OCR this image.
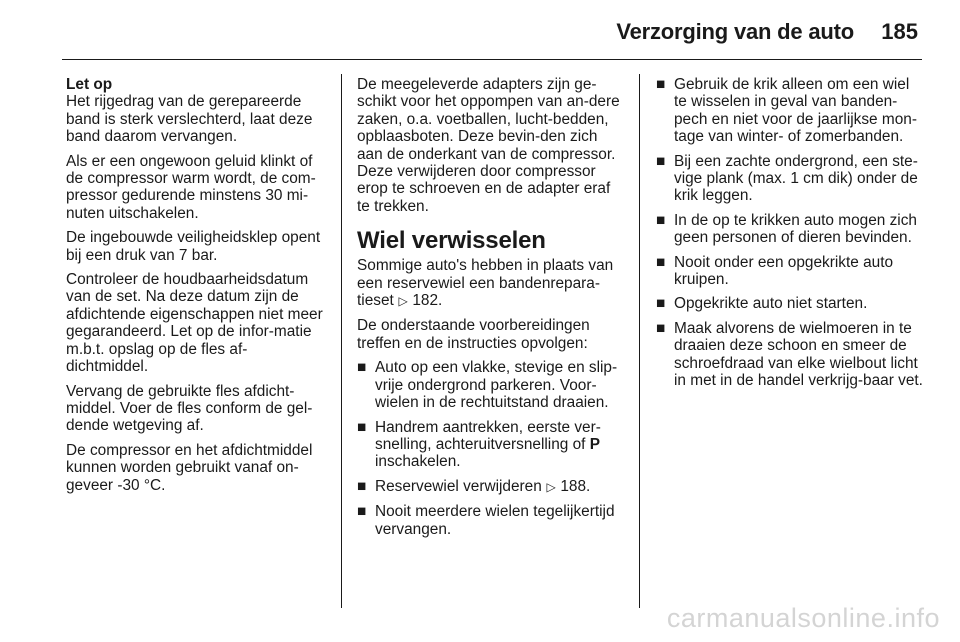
Verzorging van de auto 185
Let op
Het rijgedrag van de gerepareerde band is sterk verslechterd, laat deze band daarom vervangen.

Als er een ongewoon geluid klinkt of de compressor warm wordt, de com-pressor gedurende minstens 30 mi-nuten uitschakelen.

De ingebouwde veiligheidsklep opent bij een druk van 7 bar.

Controleer de houdbaarheidsdatum van de set. Na deze datum zijn de afdichtende eigenschappen niet meer gegarandeerd. Let op de infor-matie m.b.t. opslag op de fles af-dichtmiddel.

Vervang de gebruikte fles afdicht-middel. Voer de fles conform de gel-dende wetgeving af.

De compressor en het afdichtmiddel kunnen worden gebruikt vanaf on-geveer -30 °C.

De meegeleverde adapters zijn ge-schikt voor het oppompen van an-dere zaken, o.a. voetballen, lucht-bedden, opblaasboten. Deze bevin-den zich aan de onderkant van de compressor. Deze verwijderen door compressor erop te schroeven en de adapter eraf te trekken.

Wiel verwisselen

Sommige auto's hebben in plaats van een reservewiel een bandenrepara-tieset ▷ 182.

De onderstaande voorbereidingen treffen en de instructies opvolgen:

■ Auto op een vlakke, stevige en slip-vrije ondergrond parkeren. Voor-wielen in de rechtuitstand draaien.
■ Handrem aantrekken, eerste ver-snelling, achteruitversnelling of P inschakelen.
■ Reservewiel verwijderen ▷ 188.
■ Nooit meerdere wielen tegelijkertijd vervangen.
■ Gebruik de krik alleen om een wiel te wisselen in geval van banden-pech en niet voor de jaarlijkse mon-tage van winter- of zomerbanden.
■ Bij een zachte ondergrond, een ste-vige plank (max. 1 cm dik) onder de krik leggen.
■ In de op te krikken auto mogen zich geen personen of dieren bevinden.
■ Nooit onder een opgekrikte auto kruipen.
■ Opgekrikte auto niet starten.
■ Maak alvorens de wielmoeren in te draaien deze schoon en smeer de schroefdraad van elke wielbout licht in met in de handel verkrijg-baar vet.
carmanualsonline.info
